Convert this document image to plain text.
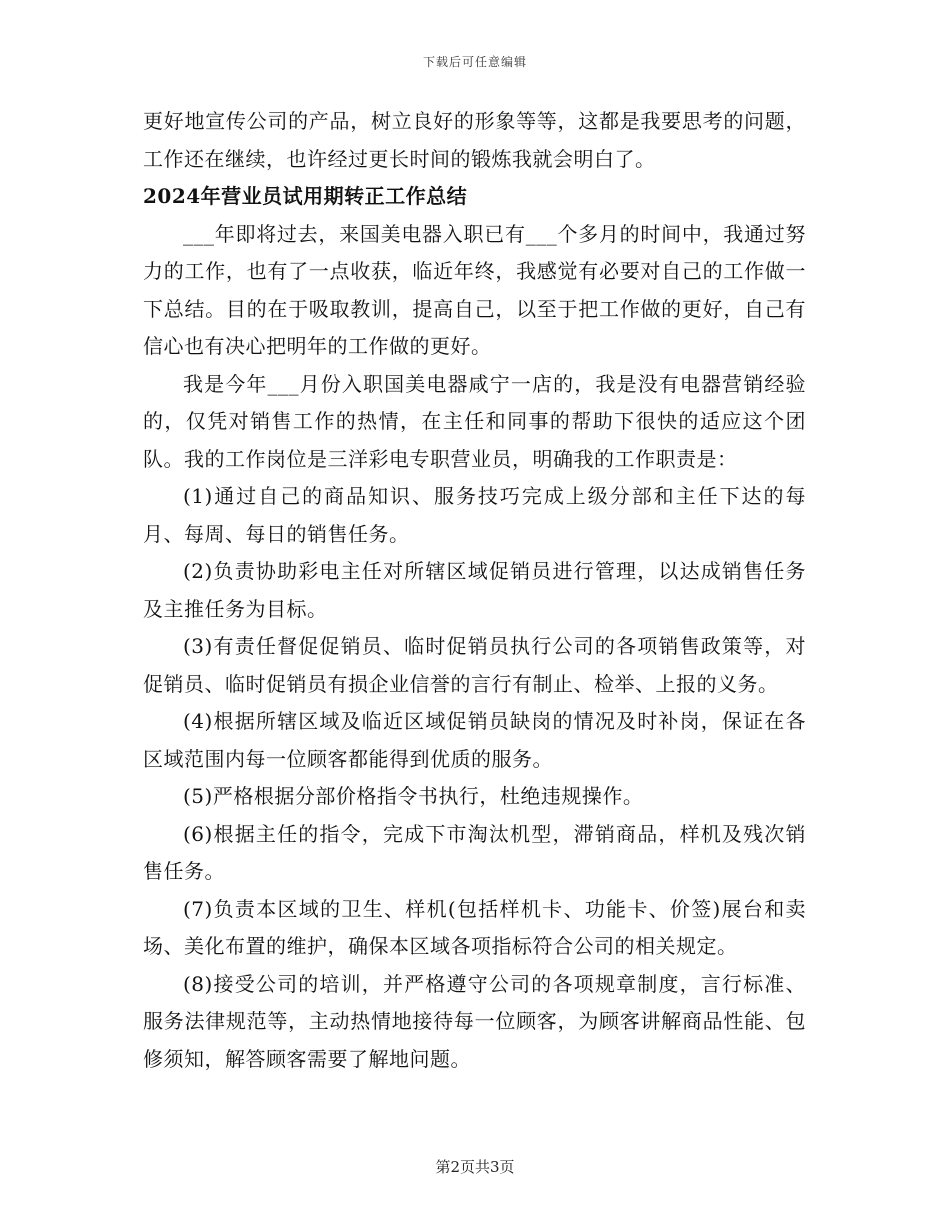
下载后可任意编辑

更好地宣传公司的产品，树立良好的形象等等，这都是我要思考的问题，工作还在继续，也许经过更长时间的锻炼我就会明白了。

2024年营业员试用期转正工作总结

___年即将过去，来国美电器入职已有___个多月的时间中，我通过努力的工作，也有了一点收获，临近年终，我感觉有必要对自己的工作做一下总结。目的在于吸取教训，提高自己，以至于把工作做的更好，自己有信心也有决心把明年的工作做的更好。

我是今年___月份入职国美电器咸宁一店的，我是没有电器营销经验的，仅凭对销售工作的热情，在主任和同事的帮助下很快的适应这个团队。我的工作岗位是三洋彩电专职营业员，明确我的工作职责是：

(1)通过自己的商品知识、服务技巧完成上级分部和主任下达的每月、每周、每日的销售任务。

(2)负责协助彩电主任对所辖区域促销员进行管理，以达成销售任务及主推任务为目标。

(3)有责任督促促销员、临时促销员执行公司的各项销售政策等，对促销员、临时促销员有损企业信誉的言行有制止、检举、上报的义务。

(4)根据所辖区域及临近区域促销员缺岗的情况及时补岗，保证在各区域范围内每一位顾客都能得到优质的服务。

(5)严格根据分部价格指令书执行，杜绝违规操作。

(6)根据主任的指令，完成下市淘汰机型，滞销商品，样机及残次销售任务。

(7)负责本区域的卫生、样机(包括样机卡、功能卡、价签)展台和卖场、美化布置的维护，确保本区域各项指标符合公司的相关规定。

(8)接受公司的培训，并严格遵守公司的各项规章制度，言行标准、服务法律规范等，主动热情地接待每一位顾客，为顾客讲解商品性能、包修须知，解答顾客需要了解地问题。

第2页共3页
